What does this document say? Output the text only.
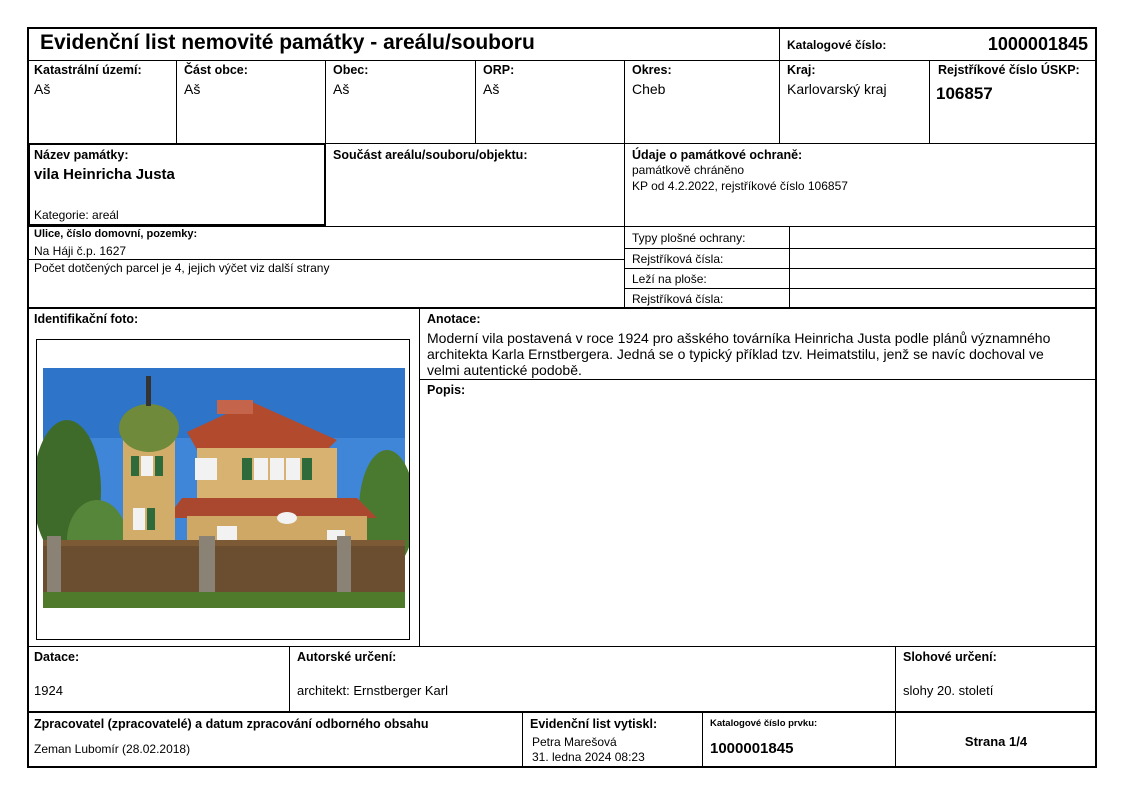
Evidenční list nemovité památky - areálu/souboru	Katalogové číslo:	1000001845
Katastrální území:
Aš
Část obce:
Aš
Obec:
Aš
ORP:
Aš
Okres:
Cheb
Kraj:
Karlovarský kraj
Rejstříkové číslo ÚSKP:
106857
Název památky:
vila Heinricha Justa
Kategorie: areál
Součást areálu/souboru/objektu:	Údaje o památkové ochraně:
památkově chráněno
KP od 4.2.2022, rejstříkové číslo 106857
Ulice, číslo domovní, pozemky:
Na Háji č.p. 1627
Počet dotčených parcel je 4, jejich výčet viz další strany
Typy plošné ochrany:
Rejstříková čísla:
Leží na ploše:
Rejstříková čísla:
Identifikační foto:	Anotace:
Moderní vila postavená v roce 1924 pro ašského továrníka Heinricha Justa podle plánů významného
architekta Karla Ernstbergera. Jedná se o typický příklad tzv. Heimatstilu, jenž se navíc dochoval ve
velmi autentické podobě.
Popis:
Datace:
1924
Autorské určení:
architekt: Ernstberger Karl
Slohové určení:
slohy 20. století
Zpracovatel (zpracovatelé) a datum zpracování odborného obsahu
Zeman Lubomír (28.02.2018)
Evidenční list vytiskl:
Petra Marešová
31. ledna 2024 08:23
Katalogové číslo prvku:
1000001845	Strana 1/4
